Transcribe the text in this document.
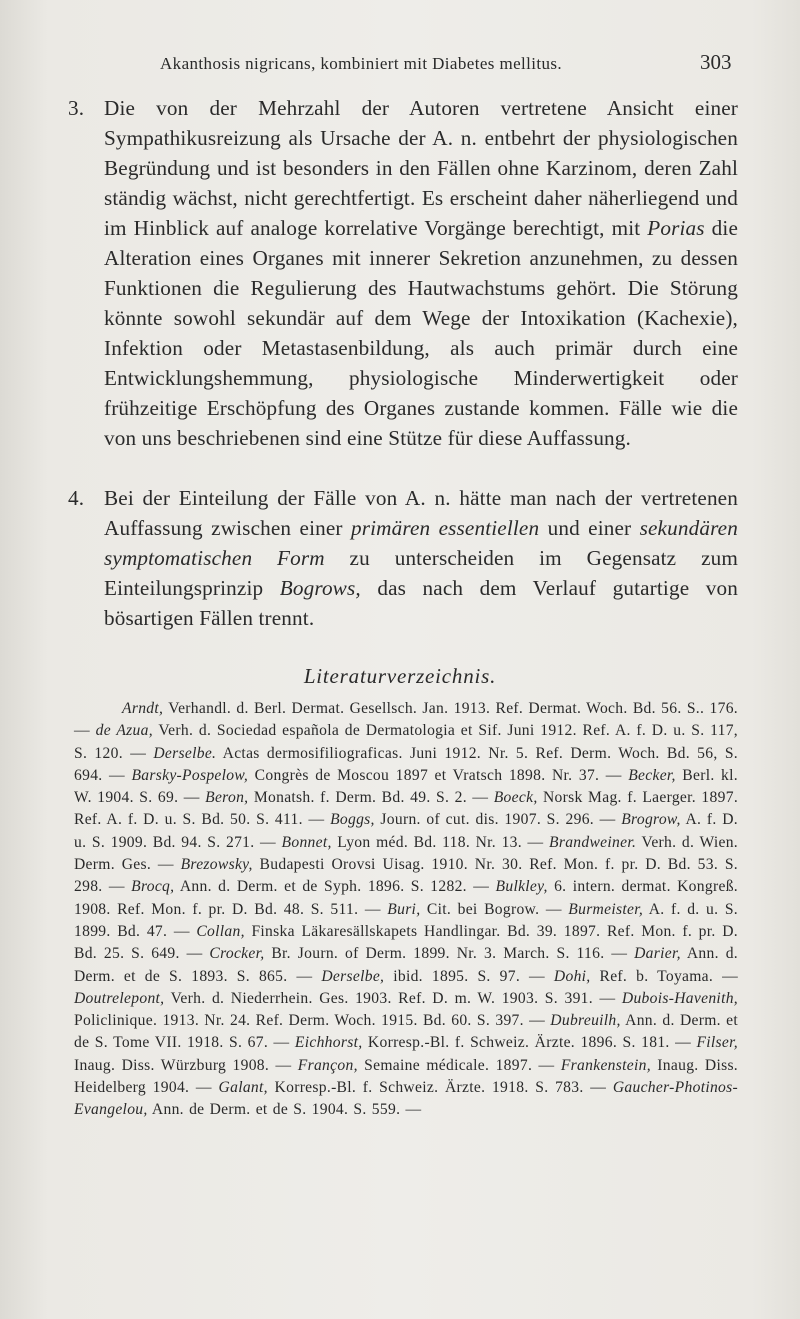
Akanthosis nigricans, kombiniert mit Diabetes mellitus.	303
3. Die von der Mehrzahl der Autoren vertretene Ansicht einer Sympathikusreizung als Ursache der A. n. entbehrt der physiologischen Begründung und ist besonders in den Fällen ohne Karzinom, deren Zahl ständig wächst, nicht gerechtfertigt. Es erscheint daher näherliegend und im Hinblick auf analoge korrelative Vorgänge berechtigt, mit Porias die Alteration eines Organes mit innerer Sekretion anzunehmen, zu dessen Funktionen die Regulierung des Hautwachstums gehört. Die Störung könnte sowohl sekundär auf dem Wege der Intoxikation (Kachexie), Infektion oder Metastasenbildung, als auch primär durch eine Entwicklungshemmung, physiologische Minderwertigkeit oder frühzeitige Erschöpfung des Organes zustande kommen. Fälle wie die von uns beschriebenen sind eine Stütze für diese Auffassung.
4. Bei der Einteilung der Fälle von A. n. hätte man nach der vertretenen Auffassung zwischen einer primären essentiellen und einer sekundären symptomatischen Form zu unterscheiden im Gegensatz zum Einteilungsprinzip Bogrows, das nach dem Verlauf gutartige von bösartigen Fällen trennt.
Literaturverzeichnis.
Arndt, Verhandl. d. Berl. Dermat. Gesellsch. Jan. 1913. Ref. Dermat. Woch. Bd. 56. S.. 176. — de Azua, Verh. d. Sociedad española de Dermatologia et Sif. Juni 1912. Ref. A. f. D. u. S. 117, S. 120. — Derselbe. Actas dermosifiliograficas. Juni 1912. Nr. 5. Ref. Derm. Woch. Bd. 56, S. 694. — Barsky-Pospelow, Congrès de Moscou 1897 et Vratsch 1898. Nr. 37. — Becker, Berl. kl. W. 1904. S. 69. — Beron, Monatsh. f. Derm. Bd. 49. S. 2. — Boeck, Norsk Mag. f. Laerger. 1897. Ref. A. f. D. u. S. Bd. 50. S. 411. — Boggs, Journ. of cut. dis. 1907. S. 296. — Brogrow, A. f. D. u. S. 1909. Bd. 94. S. 271. — Bonnet, Lyon méd. Bd. 118. Nr. 13. — Brandweiner. Verh. d. Wien. Derm. Ges. — Brezowsky, Budapesti Orovsi Uisag. 1910. Nr. 30. Ref. Mon. f. pr. D. Bd. 53. S. 298. — Brocq, Ann. d. Derm. et de Syph. 1896. S. 1282. — Bulkley, 6. intern. dermat. Kongreß. 1908. Ref. Mon. f. pr. D. Bd. 48. S. 511. — Buri, Cit. bei Bogrow. — Burmeister, A. f. d. u. S. 1899. Bd. 47. — Collan, Finska Läkaresällskapets Handlingar. Bd. 39. 1897. Ref. Mon. f. pr. D. Bd. 25. S. 649. — Crocker, Br. Journ. of Derm. 1899. Nr. 3. March. S. 116. — Darier, Ann. d. Derm. et de S. 1893. S. 865. — Derselbe, ibid. 1895. S. 97. — Dohi, Ref. b. Toyama. — Doutrelepont, Verh. d. Niederrhein. Ges. 1903. Ref. D. m. W. 1903. S. 391. — Dubois-Havenith, Policlinique. 1913. Nr. 24. Ref. Derm. Woch. 1915. Bd. 60. S. 397. — Dubreuilh, Ann. d. Derm. et de S. Tome VII. 1918. S. 67. — Eichhorst, Korresp.-Bl. f. Schweiz. Ärzte. 1896. S. 181. — Filser, Inaug. Diss. Würzburg 1908. — Françon, Semaine médicale. 1897. — Frankenstein, Inaug. Diss. Heidelberg 1904. — Galant, Korresp.-Bl. f. Schweiz. Ärzte. 1918. S. 783. — Gaucher-Photinos-Evangelou, Ann. de Derm. et de S. 1904. S. 559. —
